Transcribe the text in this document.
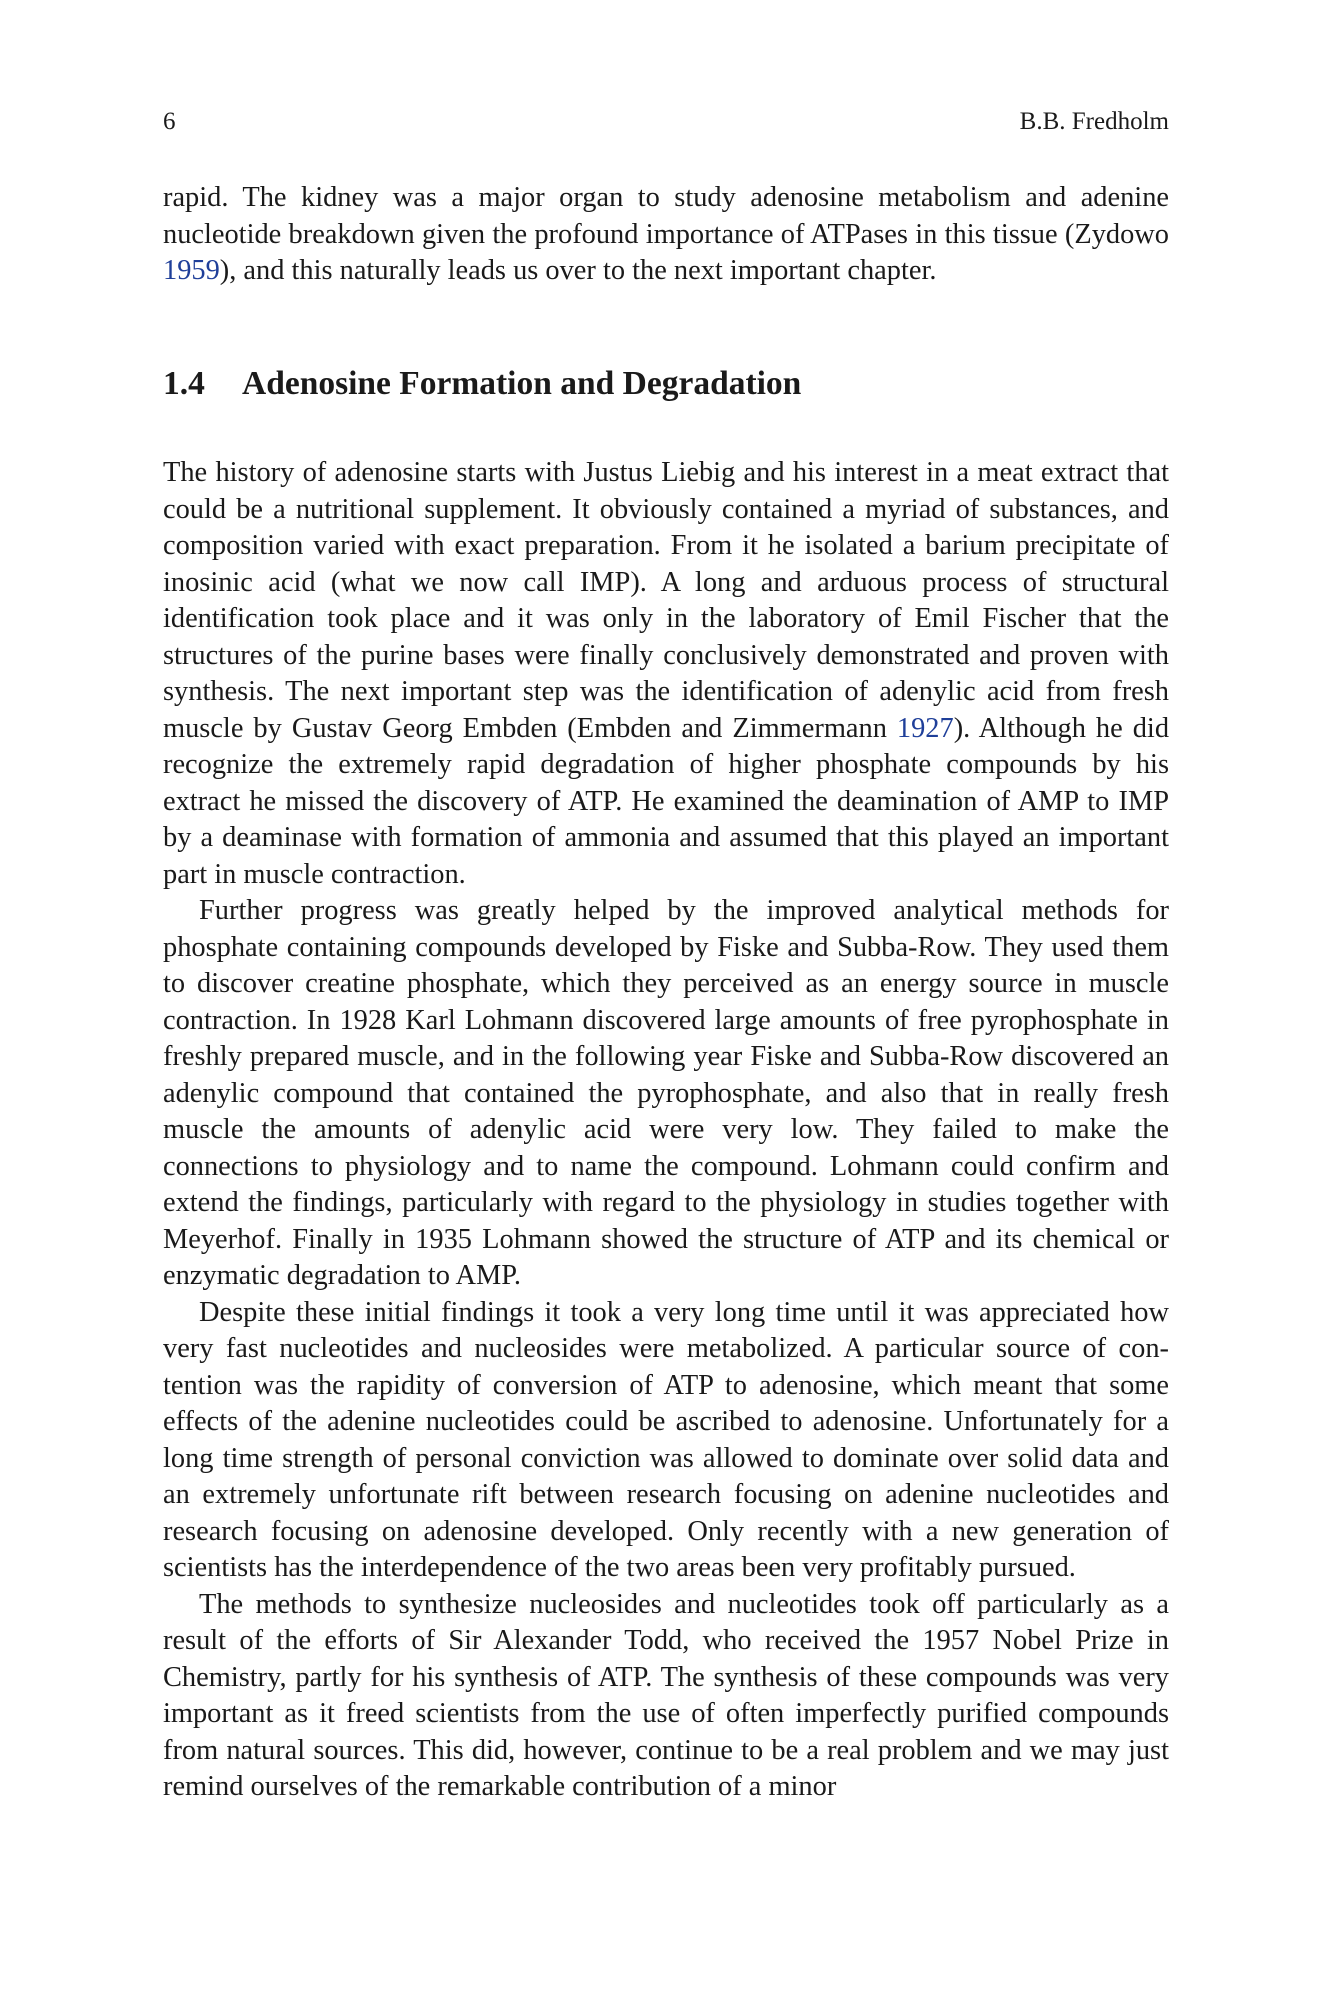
6	B.B. Fredholm

rapid. The kidney was a major organ to study adenosine metabolism and adenine nucleotide breakdown given the profound importance of ATPases in this tissue (Zydowo 1959), and this naturally leads us over to the next important chapter.

1.4 Adenosine Formation and Degradation

The history of adenosine starts with Justus Liebig and his interest in a meat extract that could be a nutritional supplement. It obviously contained a myriad of substances, and composition varied with exact preparation. From it he isolated a barium precipitate of inosinic acid (what we now call IMP). A long and arduous process of structural identification took place and it was only in the laboratory of Emil Fischer that the structures of the purine bases were finally conclusively demonstrated and proven with synthesis. The next important step was the identification of adenylic acid from fresh muscle by Gustav Georg Embden (Embden and Zimmermann 1927). Although he did recognize the extremely rapid degradation of higher phosphate compounds by his extract he missed the discovery of ATP. He examined the deamination of AMP to IMP by a deaminase with formation of ammonia and assumed that this played an important part in muscle contraction.

Further progress was greatly helped by the improved analytical methods for phosphate containing compounds developed by Fiske and Subba-Row. They used them to discover creatine phosphate, which they perceived as an energy source in muscle contraction. In 1928 Karl Lohmann discovered large amounts of free pyrophosphate in freshly prepared muscle, and in the following year Fiske and Subba-Row discovered an adenylic compound that contained the pyrophosphate, and also that in really fresh muscle the amounts of adenylic acid were very low. They failed to make the connections to physiology and to name the compound. Lohmann could confirm and extend the findings, particularly with regard to the physiology in studies together with Meyerhof. Finally in 1935 Lohmann showed the structure of ATP and its chemical or enzymatic degradation to AMP.

Despite these initial findings it took a very long time until it was appreciated how very fast nucleotides and nucleosides were metabolized. A particular source of contention was the rapidity of conversion of ATP to adenosine, which meant that some effects of the adenine nucleotides could be ascribed to adenosine. Unfortunately for a long time strength of personal conviction was allowed to dominate over solid data and an extremely unfortunate rift between research focusing on adenine nucleotides and research focusing on adenosine developed. Only recently with a new generation of scientists has the interdependence of the two areas been very profitably pursued.

The methods to synthesize nucleosides and nucleotides took off particularly as a result of the efforts of Sir Alexander Todd, who received the 1957 Nobel Prize in Chemistry, partly for his synthesis of ATP. The synthesis of these compounds was very important as it freed scientists from the use of often imperfectly purified compounds from natural sources. This did, however, continue to be a real problem and we may just remind ourselves of the remarkable contribution of a minor
